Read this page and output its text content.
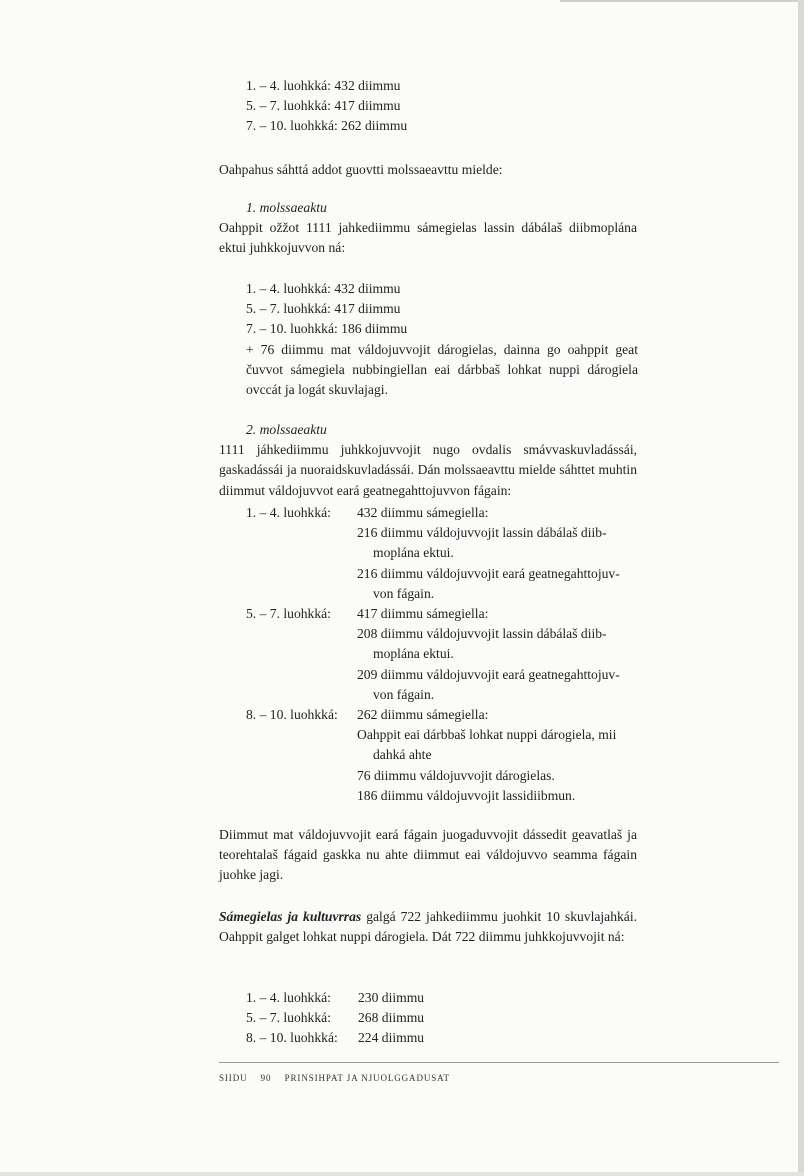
1. – 4. luohkká: 432 diimmu
5. – 7. luohkká: 417 diimmu
7. – 10. luohkká: 262 diimmu

Oahpahus sáhttá addot guovtti molssaeavttu mielde:

1. molssaeaktu

Oahppit ožžot 1111 jahkediimmu sámegielas lassin dábálaš diibmoplána ektui juhkkojuvvon ná:

1. – 4. luohkká: 432 diimmu
5. – 7. luohkká: 417 diimmu
7. – 10. luohkká: 186 diimmu
+ 76 diimmu mat váldojuvvojit dárogielas, dainna go oahppit geat čuvvot sámegiela nubbingiellan eai dárbbaš lohkat nuppi dárogiela ovccát ja logát skuvlajagi.
2. molssaeaktu

1111 jáhkediimmu juhkkojuvvojit nugo ovdalis smávvaskuvladássái, gaskadássái ja nuoraidskuvladássái. Dán molssaeavttu mielde sáhttet muhtin diimmut váldojuvvot eará geatnegahttojuvvon fágain:

1. – 4. luohkká: 432 diimmu sámegiella:

216 diimmu váldojuvvojit lassin dábálaš diib-

moplána ektui.

216 diimmu váldojuvvojit eará geatnegahttojuv-

von fágain.

5. – 7. luohkká: 417 diimmu sámegiella:

208 diimmu váldojuvvojit lassin dábálaš diib-

moplána ektui.

209 diimmu váldojuvvojit eará geatnegahttojuv-

von fágain.

8. – 10. luohkká: 262 diimmu sámegiella:

Oahppit eai dárbbaš lohkat nuppi dárogiela, mii

dahká ahte

76 diimmu váldojuvvojit dárogielas.

186 diimmu váldojuvvojit lassidiibmun.

Diimmut mat váldojuvvojit eará fágain juogaduvvojit dássedit geavatlaš ja teorehtalaš fágaid gaskka nu ahte diimmut eai váldojuvvo seamma fágain juohke jagi.

Sámegielas ja kultuvrras galgá 722 jahkediimmu juohkit 10 skuvlajahkái. Oahppit galget lohkat nuppi dárogiela. Dát 722 diimmu juhkkojuvvojit ná:

1. – 4. luohkká: 230 diimmu
5. – 7. luohkká: 268 diimmu
8. – 10. luohkká: 224 diimmu
SIIDU 90 PRINSIHPAT JA NJUOLGGADUSAT
